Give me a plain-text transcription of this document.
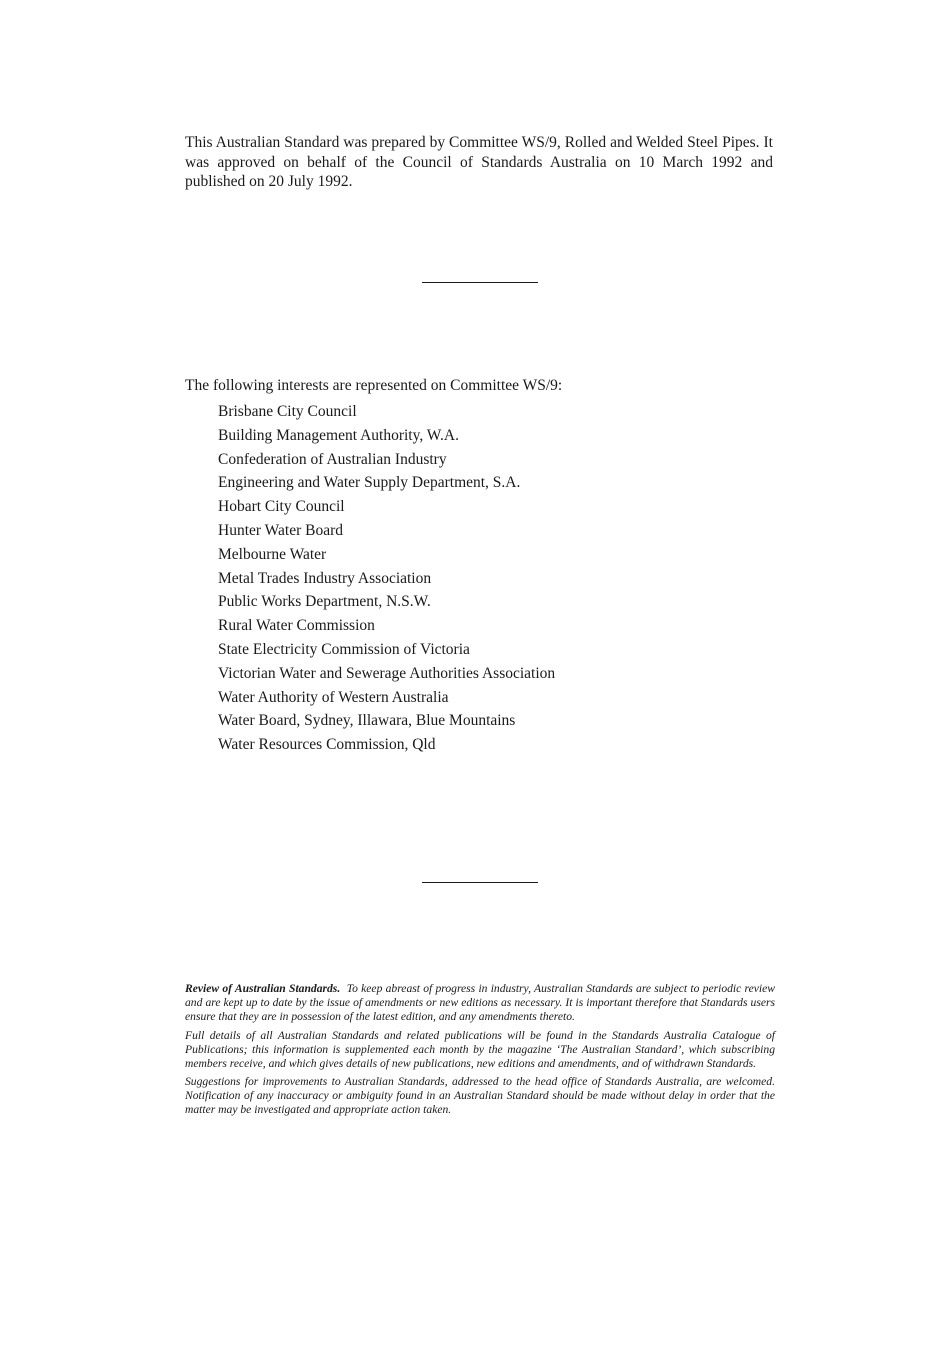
This Australian Standard was prepared by Committee WS/9, Rolled and Welded Steel Pipes. It was approved on behalf of the Council of Standards Australia on 10 March 1992 and published on 20 July 1992.

The following interests are represented on Committee WS/9:

Brisbane City Council
Building Management Authority, W.A.
Confederation of Australian Industry
Engineering and Water Supply Department, S.A.
Hobart City Council
Hunter Water Board
Melbourne Water
Metal Trades Industry Association
Public Works Department, N.S.W.
Rural Water Commission
State Electricity Commission of Victoria
Victorian Water and Sewerage Authorities Association
Water Authority of Western Australia
Water Board, Sydney, Illawara, Blue Mountains
Water Resources Commission, Qld

Review of Australian Standards. To keep abreast of progress in industry, Australian Standards are subject to periodic review and are kept up to date by the issue of amendments or new editions as necessary. It is important therefore that Standards users ensure that they are in possession of the latest edition, and any amendments thereto.

Full details of all Australian Standards and related publications will be found in the Standards Australia Catalogue of Publications; this information is supplemented each month by the magazine ‘The Australian Standard’, which subscribing members receive, and which gives details of new publications, new editions and amendments, and of withdrawn Standards.

Suggestions for improvements to Australian Standards, addressed to the head office of Standards Australia, are welcomed. Notification of any inaccuracy or ambiguity found in an Australian Standard should be made without delay in order that the matter may be investigated and appropriate action taken.
